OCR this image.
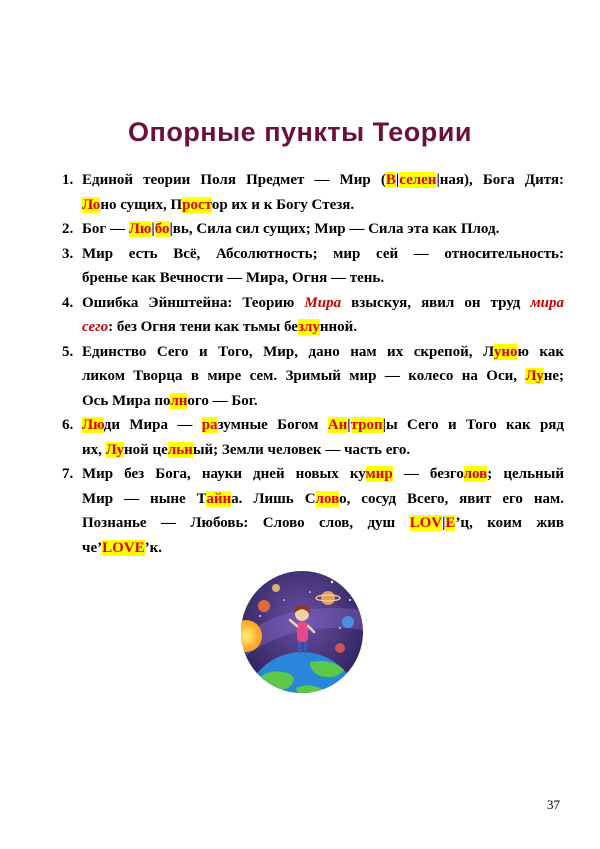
Опорные пункты Теории
1. Единой теории Поля Предмет — Мир (В|селен|ная), Бога Дитя:
Лоно сущих, Простор их и к Богу Стезя.
2. Бог — Лю|бо|вь, Сила сил сущих; Мир — Сила эта как Плод.
3. Мир есть Всё, Абсолютность; мир сей — относительность:
бренье как Вечности — Мира, Огня — тень.
4. Ошибка Эйнштейна: Теорию Мира взыскуя, явил он труд мира
сего: без Огня тени как тьмы безлунной.
5. Единство Сего и Того, Мир, дано нам их скрепой, Луною как
ликом Творца в мире сем. Зримый мир — колесо на Оси, Луне;
Ось Мира полного — Бог.
6. Люди Мира — разумные Богом Ан|троп|ы Сего и Того как ряд
их, Луной цельный; Земли человек — часть его.
7. Мир без Бога, науки дней новых кумир — безголов; цельный
Мир — ныне Тайна. Лишь Слово, сосуд Всего, явит его нам.
Познанье — Любовь: Слово слов, душ LOV|E’ц, коим жив
че’LOVE’к.
37
